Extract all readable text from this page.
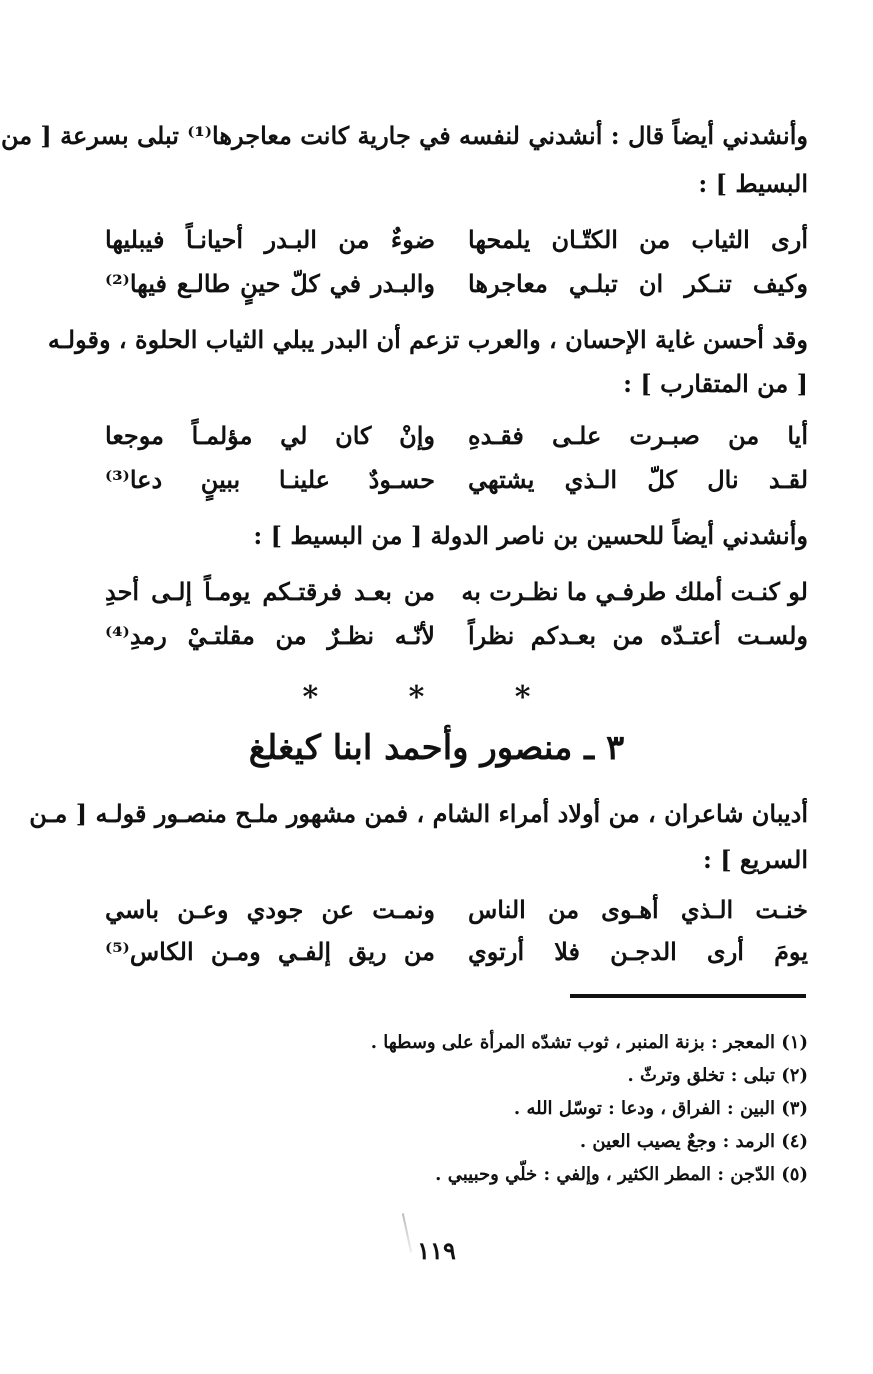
وأنشدني أيضاً قال : أنشدني لنفسه في جارية كانت معاجرها⁽¹⁾ تبلى بسرعة [ من
البسيط ] :
أرى الثياب من الكتّـان يلمحها
ضوءٌ من البـدر أحيانـاً فيبليها
وكيف تنـكر ان تبلـي معاجرها
والبـدر في كلّ حينٍ طالـع فيها⁽²⁾
وقد أحسن غاية الإحسان ، والعرب تزعم أن البدر يبلي الثياب الحلوة ، وقولـه
[ من المتقارب ] :
أيا من صبـرت علـى فقـدهِ
وإنْ كان لي مؤلمـاً موجعا
لقـد نال كلّ الـذي يشتهي
حسـودٌ علينـا ببينٍ دعا⁽³⁾
وأنشدني أيضاً للحسين بن ناصر الدولة [ من البسيط ] :
لو كنـت أملك طرفـي ما نظـرت به
من بعـد فرقتـكم يومـاً إلـى أحدِ
ولسـت أعتـدّه من بعـدكم نظراً
لأنّـه نظـرٌ من مقلتـيْ رمدِ⁽⁴⁾
* * *
٣ ـ منصور وأحمد ابنا كيغلغ
أديبان شاعران ، من أولاد أمراء الشام ، فمن مشهور ملـح منصـور قولـه [ مـن
السريع ] :
خنـت الـذي أهـوى من الناس
ونمـت عن جودي وعـن باسي
يومَ أرى الدجـن فلا أرتوي
من ريق إلفـي ومـن الكاس⁽⁵⁾
(١) المعجر : بزنة المنبر ، ثوب تشدّه المرأة على وسطها .
(٢) تبلى : تخلق وترثّ .
(٣) البين : الفراق ، ودعا : توسّل الله .
(٤) الرمد : وجعٌ يصيب العين .
(٥) الدّجن : المطر الكثير ، وإلفي : خلّي وحبيبي .
١١٩
